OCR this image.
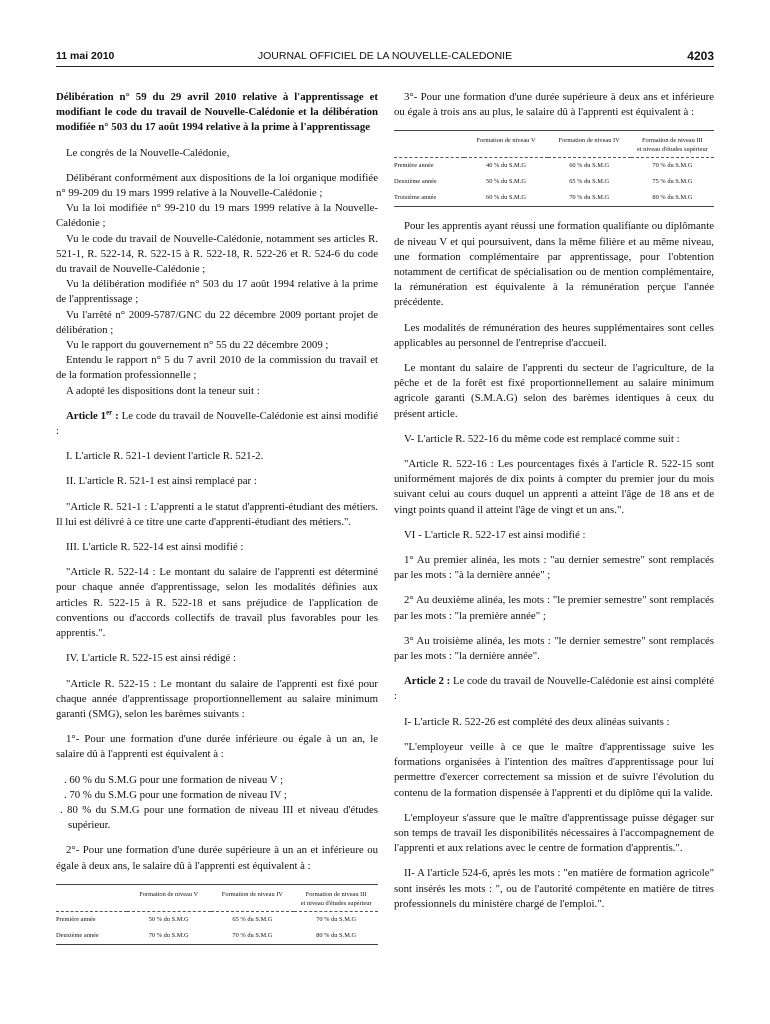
11 mai 2010	JOURNAL OFFICIEL DE LA NOUVELLE-CALEDONIE	4203

Délibération n° 59 du 29 avril 2010 relative à l'apprentissage et modifiant le code du travail de Nouvelle-Calédonie et la délibération modifiée n° 503 du 17 août 1994 relative à la prime à l'apprentissage

Le congrès de la Nouvelle-Calédonie,

Délibérant conformément aux dispositions de la loi organique modifiée n° 99-209 du 19 mars 1999 relative à la Nouvelle-Calédonie ;

Vu la loi modifiée n° 99-210 du 19 mars 1999 relative à la Nouvelle-Calédonie ;

Vu le code du travail de Nouvelle-Calédonie, notamment ses articles R. 521-1, R. 522-14, R. 522-15 à R. 522-18, R. 522-26 et R. 524-6 du code du travail de Nouvelle-Calédonie ;

Vu la délibération modifiée n° 503 du 17 août 1994 relative à la prime de l'apprentissage ;

Vu l'arrêté n° 2009-5787/GNC du 22 décembre 2009 portant projet de délibération ;

Vu le rapport du gouvernement n° 55 du 22 décembre 2009 ;

Entendu le rapport n° 5 du 7 avril 2010 de la commission du travail et de la formation professionnelle ;

A adopté les dispositions dont la teneur suit :

Article 1er : Le code du travail de Nouvelle-Calédonie est ainsi modifié :

I. L'article R. 521-1 devient l'article R. 521-2.

II. L'article R. 521-1 est ainsi remplacé par :

"Article R. 521-1 : L'apprenti a le statut d'apprenti-étudiant des métiers. Il lui est délivré à ce titre une carte d'apprenti-étudiant des métiers.".

III. L'article R. 522-14 est ainsi modifié :

"Article R. 522-14 : Le montant du salaire de l'apprenti est déterminé pour chaque année d'apprentissage, selon les modalités définies aux articles R. 522-15 à R. 522-18 et sans préjudice de l'application de conventions ou d'accords collectifs de travail plus favorables pour les apprentis.".

IV. L'article R. 522-15 est ainsi rédigé :

"Article R. 522-15 : Le montant du salaire de l'apprenti est fixé pour chaque année d'apprentissage proportionnellement au salaire minimum garanti (SMG), selon les barèmes suivants :

1°- Pour une formation d'une durée inférieure ou égale à un an, le salaire dû à l'apprenti est équivalent à :

. 60 % du S.M.G pour une formation de niveau V ;

. 70 % du S.M.G pour une formation de niveau IV ;

. 80 % du S.M.G pour une formation de niveau III et niveau d'études supérieur.

2°- Pour une formation d'une durée supérieure à un an et inférieure ou égale à deux ans, le salaire dû à l'apprenti est équivalent à :

	Formation de niveau V	Formation de niveau IV	Formation de niveau III
et niveau d'études supérieur
Première année	50 % du S.M.G	65 % du S.M.G	70 % du S.M.G
Deuxième année	70 % du S.M.G	70 % du S.M.G	80 % du S.M.G

3°- Pour une formation d'une durée supérieure à deux ans et inférieure ou égale à trois ans au plus, le salaire dû à l'apprenti est équivalent à :

	Formation de niveau V	Formation de niveau IV	Formation de niveau III
et niveau d'études supérieur
Première année	40 % du S.M.G	60 % du S.M.G	70 % du S.M.G
Deuxième année	50 % du S.M.G	65 % du S.M.G	75 % du S.M.G
Troisième année	60 % du S.M.G	70 % du S.M.G	80 % du S.M.G

Pour les apprentis ayant réussi une formation qualifiante ou diplômante de niveau V et qui poursuivent, dans la même filière et au même niveau, une formation complémentaire par apprentissage, pour l'obtention notamment de certificat de spécialisation ou de mention complémentaire, la rémunération est équivalente à la rémunération perçue l'année précédente.

Les modalités de rémunération des heures supplémentaires sont celles applicables au personnel de l'entreprise d'accueil.

Le montant du salaire de l'apprenti du secteur de l'agriculture, de la pêche et de la forêt est fixé proportionnellement au salaire minimum agricole garanti (S.M.A.G) selon des barèmes identiques à ceux du présent article.

V- L'article R. 522-16 du même code est remplacé comme suit :

"Article R. 522-16 : Les pourcentages fixés à l'article R. 522-15 sont uniformément majorés de dix points à compter du premier jour du mois suivant celui au cours duquel un apprenti a atteint l'âge de 18 ans et de vingt points quand il atteint l'âge de vingt et un ans.".

VI - L'article R. 522-17 est ainsi modifié :

1° Au premier alinéa, les mots : "au dernier semestre" sont remplacés par les mots : "à la dernière année" ;

2° Au deuxième alinéa, les mots : "le premier semestre" sont remplacés par les mots : "la première année" ;

3° Au troisième alinéa, les mots : "le dernier semestre" sont remplacés par les mots : "la dernière année".

Article 2 : Le code du travail de Nouvelle-Calédonie est ainsi complété :

I- L'article R. 522-26 est complété des deux alinéas suivants :

"L'employeur veille à ce que le maître d'apprentissage suive les formations organisées à l'intention des maîtres d'apprentissage pour lui permettre d'exercer correctement sa mission et de suivre l'évolution du contenu de la formation dispensée à l'apprenti et du diplôme qui la valide.

L'employeur s'assure que le maître d'apprentissage puisse dégager sur son temps de travail les disponibilités nécessaires à l'accompagnement de l'apprenti et aux relations avec le centre de formation d'apprentis.".

II- A l'article 524-6, après les mots : "en matière de formation agricole" sont insérés les mots : ", ou de l'autorité compétente en matière de titres professionnels du ministère chargé de l'emploi.".
